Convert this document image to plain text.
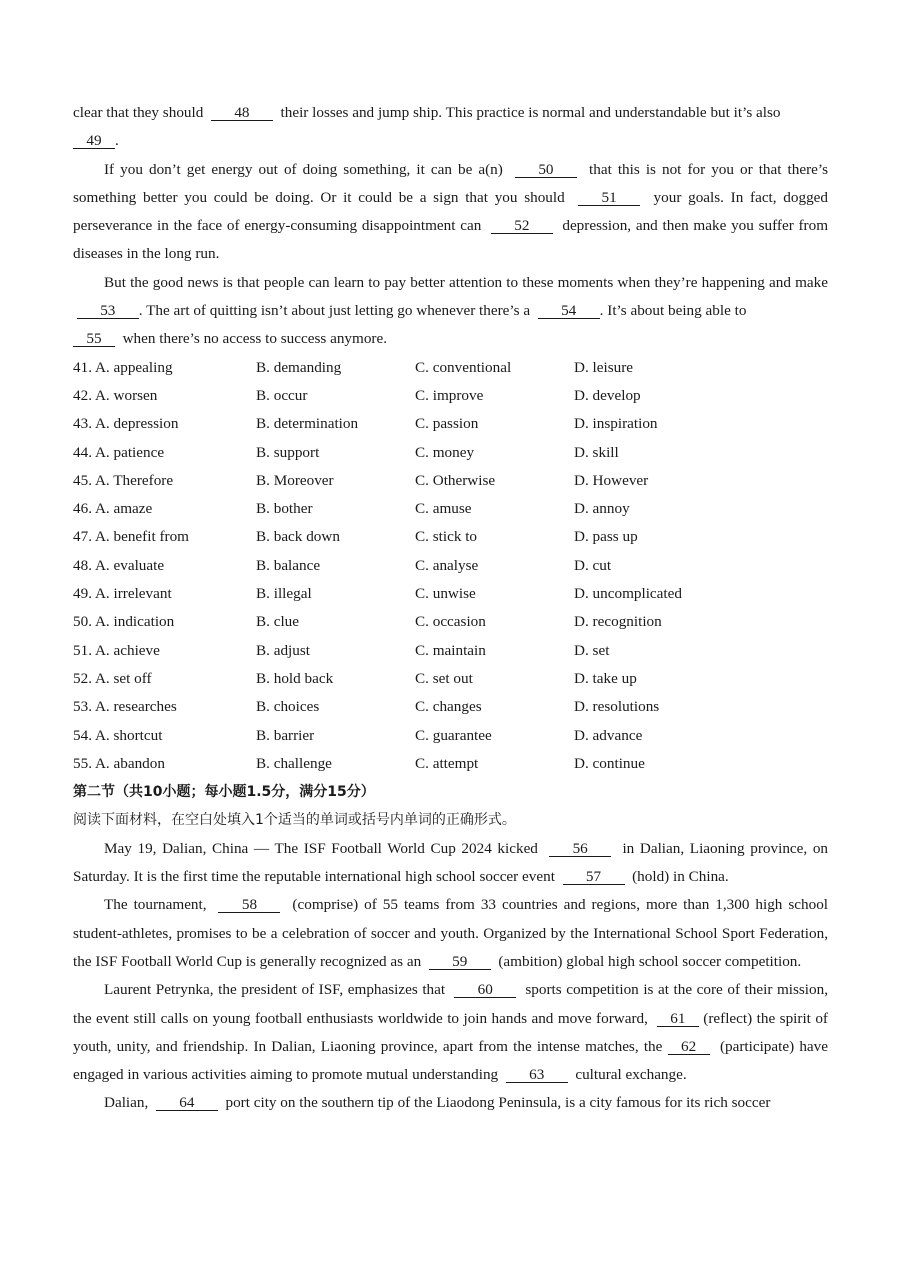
clear that they should 48 their losses and jump ship. This practice is normal and understandable but it’s also
49 .

If you don’t get energy out of doing something, it can be a(n) 50 that this is not for you or that there’s something better you could be doing. Or it could be a sign that you should 51 your goals. In fact, dogged perseverance in the face of energy-consuming disappointment can 52 depression, and then make you suffer from diseases in the long run.

But the good news is that people can learn to pay better attention to these moments when they’re happening and make  53 . The art of quitting isn’t about just letting go whenever there’s a 54 . It’s about being able to
55 when there’s no access to success anymore.

41. A. appealing	B. demanding	C. conventional	D. leisure
42. A. worsen	B. occur	C. improve	D. develop
43. A. depression	B. determination	C. passion	D. inspiration
44. A. patience	B. support	C. money	D. skill
45. A. Therefore	B. Moreover	C. Otherwise	D. However
46. A. amaze	B. bother	C. amuse	D. annoy
47. A. benefit from	B. back down	C. stick to	D. pass up
48. A. evaluate	B. balance	C. analyse	D. cut
49. A. irrelevant	B. illegal	C. unwise	D. uncomplicated
50. A. indication	B. clue	C. occasion	D. recognition
51. A. achieve	B. adjust	C. maintain	D. set
52. A. set off	B. hold back	C. set out	D. take up
53. A. researches	B. choices	C. changes	D. resolutions
54. A. shortcut	B. barrier	C. guarantee	D. advance
55. A. abandon	B. challenge	C. attempt	D. continue
第二节（共10小题；每小题1.5分，满分15分）
阅读下面材料，在空白处填入1个适当的单词或括号内单词的正确形式。

May 19, Dalian, China — The ISF Football World Cup 2024 kicked 56 in Dalian, Liaoning province, on Saturday. It is the first time the reputable international high school soccer event 57 (hold) in China.

The tournament, 58 (comprise) of 55 teams from 33 countries and regions, more than 1,300 high school student-athletes, promises to be a celebration of soccer and youth. Organized by the International School Sport Federation, the ISF Football World Cup is generally recognized as an 59 (ambition) global high school soccer competition.

Laurent Petrynka, the president of ISF, emphasizes that 60 sports competition is at the core of their mission, the event still calls on young football enthusiasts worldwide to join hands and move forward, 61 (reflect) the spirit of youth, unity, and friendship. In Dalian, Liaoning province, apart from the intense matches, the 62 (participate) have engaged in various activities aiming to promote mutual understanding 63 cultural exchange.

Dalian, 64 port city on the southern tip of the Liaodong Peninsula, is a city famous for its rich soccer
